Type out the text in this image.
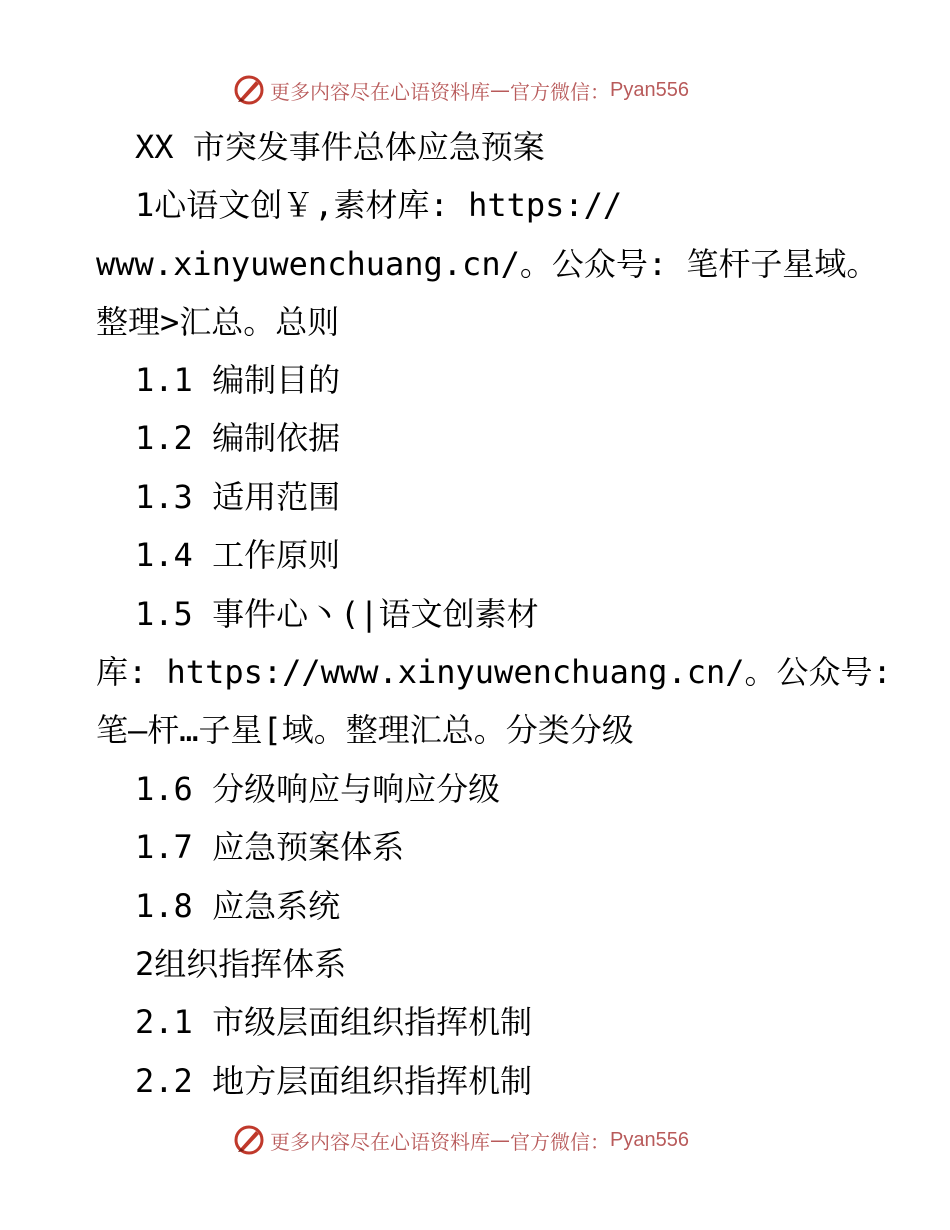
更多内容尽在心语资料库 — 官方微信： Pyan556
XX 市突发事件总体应急预案
1心语文创￥,素材库: https://
www.xinyuwenchuang.cn/。公众号: 笔杆子星域。
整理>汇总。总则
1.1 编制目的
1.2 编制依据
1.3 适用范围
1.4 工作原则
1.5 事件心丶(|语文创素材
库: https://www.xinyuwenchuang.cn/。公众号:
笔—杆…子星[域。整理汇总。分类分级
1.6 分级响应与响应分级
1.7 应急预案体系
1.8 应急系统
2组织指挥体系
2.1 市级层面组织指挥机制
2.2 地方层面组织指挥机制
更多内容尽在心语资料库 — 官方微信： Pyan556
